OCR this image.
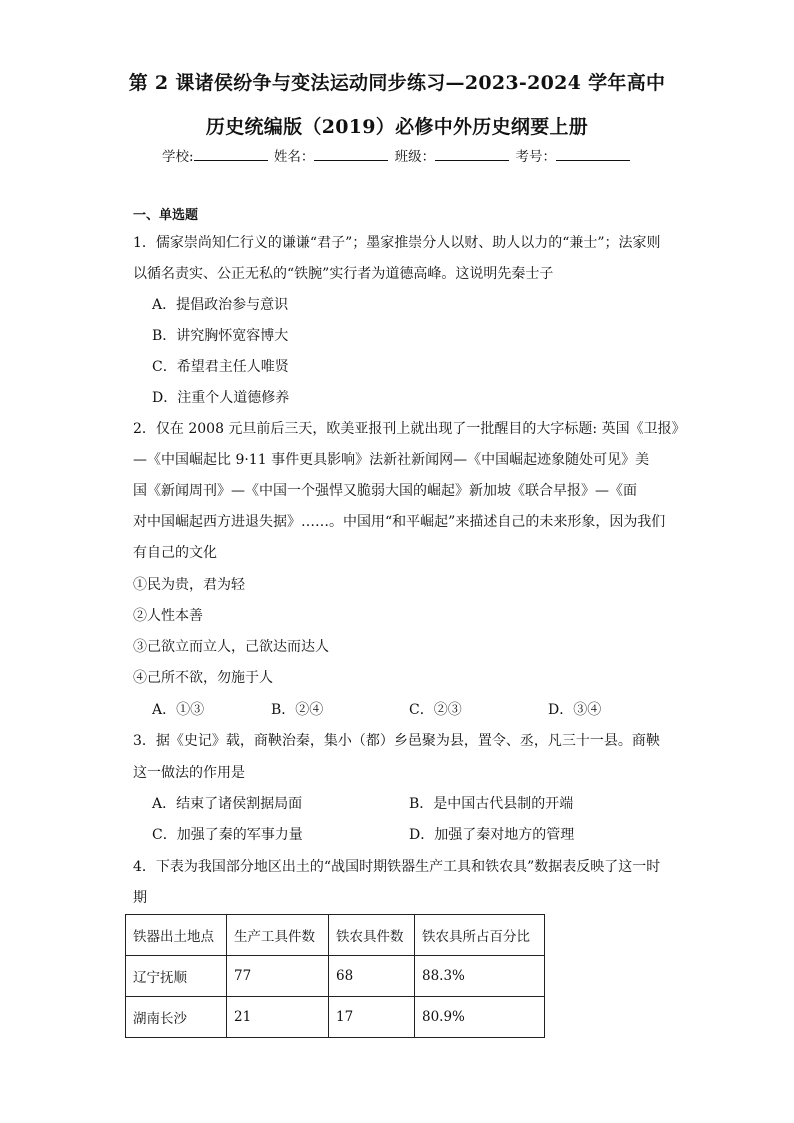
第 2 课诸侯纷争与变法运动同步练习—2023-2024 学年高中
历史统编版（2019）必修中外历史纲要上册
学校:	姓名：	班级：	考号：
一、单选题
1．儒家崇尚知仁行义的谦谦“君子”；墨家推崇分人以财、助人以力的“兼士”；法家则
以循名责实、公正无私的“铁腕”实行者为道德高峰。这说明先秦士子
A．提倡政治参与意识
B．讲究胸怀宽容博大
C．希望君主任人唯贤
D．注重个人道德修养
2．仅在 2008 元旦前后三天，欧美亚报刊上就出现了一批醒目的大字标题: 英国《卫报》
—《中国崛起比 9·11 事件更具影响》法新社新闻网—《中国崛起迹象随处可见》美
国《新闻周刊》—《中国一个强悍又脆弱大国的崛起》新加坡《联合早报》—《面
对中国崛起西方进退失据》……。中国用“和平崛起”来描述自己的未来形象，因为我们
有自己的文化
①民为贵，君为轻
②人性本善
③己欲立而立人，己欲达而达人
④己所不欲，勿施于人
A．①③	B．②④	C．②③	D．③④
3．据《史记》载，商鞅治秦，集小（都）乡邑聚为县，置令、丞，凡三十一县。商鞅
这一做法的作用是
A．结束了诸侯割据局面	B．是中国古代县制的开端
C．加强了秦的军事力量	D．加强了秦对地方的管理
4．下表为我国部分地区出土的“战国时期铁器生产工具和铁农具”数据表反映了这一时
期
铁器出土地点	生产工具件数	铁农具件数	铁农具所占百分比
辽宁抚顺	77	68	88.3%
湖南长沙	21	17	80.9%
